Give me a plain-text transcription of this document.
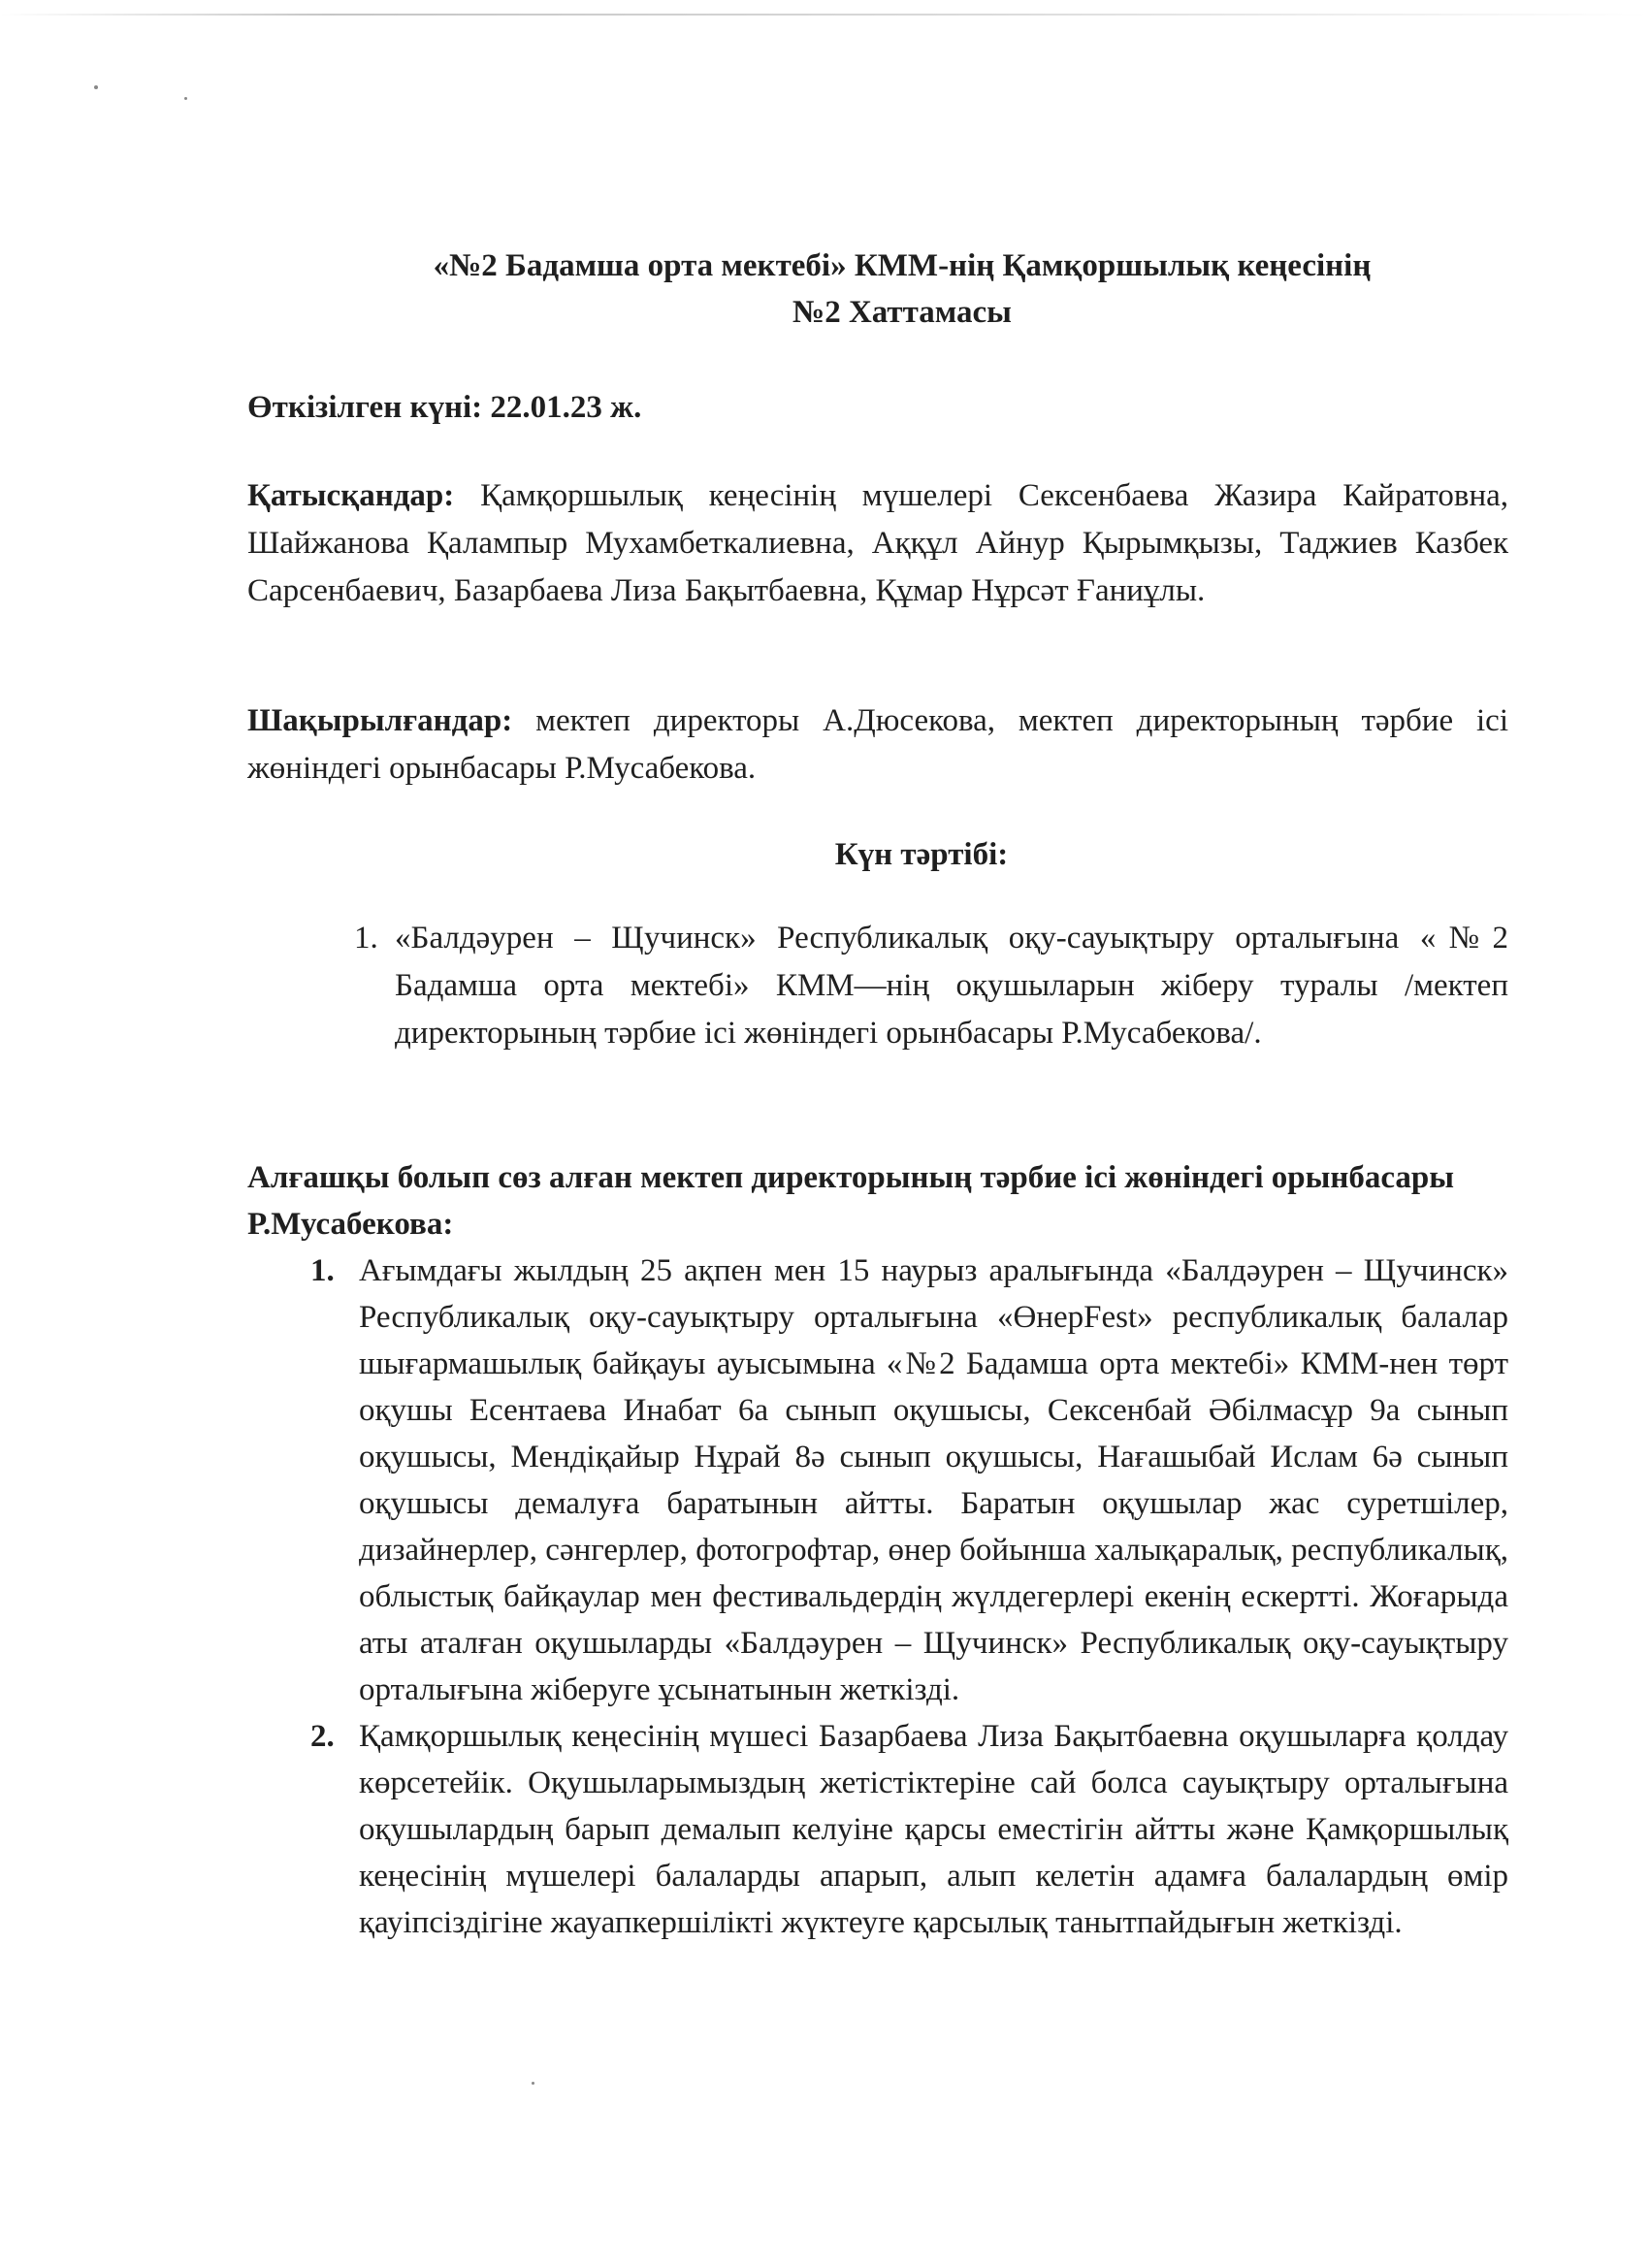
«№2 Бадамша орта мектебі» КММ-нің Қамқоршылық кеңесінің
№2 Хаттамасы
Өткізілген күні: 22.01.23 ж.
Қатысқандар: Қамқоршылық кеңесінің мүшелері Сексенбаева Жазира Кайратовна, Шайжанова Қалампыр Мухамбеткалиевна, Аққұл Айнур Қырымқызы, Таджиев Казбек Сарсенбаевич, Базарбаева Лиза Бақытбаевна, Құмар Нұрсәт Ғаниұлы.
Шақырылғандар: мектеп директоры А.Дюсекова, мектеп директорының тәрбие ісі жөніндегі орынбасары Р.Мусабекова.
Күн тәртібі:
1. «Балдәурен – Щучинск» Республикалық оқу-сауықтыру орталығына «№2 Бадамша орта мектебі» КММ—нің оқушыларын жіберу туралы /мектеп директорының тәрбие ісі жөніндегі орынбасары Р.Мусабекова/.
Алғашқы болып сөз алған мектеп директорының тәрбие ісі жөніндегі орынбасары Р.Мусабекова:
1. Ағымдағы жылдың 25 ақпен мен 15 наурыз аралығында «Балдәурен – Щучинск» Республикалық оқу-сауықтыру орталығына «ӨнерFest» республикалық балалар шығармашылық байқауы ауысымына «№2 Бадамша орта мектебі» КММ-нен төрт оқушы Есентаева Инабат 6а сынып оқушысы, Сексенбай Әбілмасұр 9а сынып оқушысы, Мендіқайыр Нұрай 8ә сынып оқушысы, Нағашыбай Ислам 6ә сынып оқушысы демалуға баратынын айтты. Баратын оқушылар жас суретшілер, дизайнерлер, сәнгерлер, фотогрофтар, өнер бойынша халықаралық, республикалық, облыстық байқаулар мен фестивальдердің жүлдегерлері екенің ескертті. Жоғарыда аты аталған оқушыларды «Балдәурен – Щучинск» Республикалық оқу-сауықтыру орталығына жіберуге ұсынатынын жеткізді.
2. Қамқоршылық кеңесінің мүшесі Базарбаева Лиза Бақытбаевна оқушыларға қолдау көрсетейік. Оқушыларымыздың жетістіктеріне сай болса сауықтыру орталығына оқушылардың барып демалып келуіне қарсы еместігін айтты және Қамқоршылық кеңесінің мүшелері балаларды апарып, алып келетін адамға балалардың өмір қауіпсіздігіне жауапкершілікті жүктеуге қарсылық танытпайдығын жеткізді.
